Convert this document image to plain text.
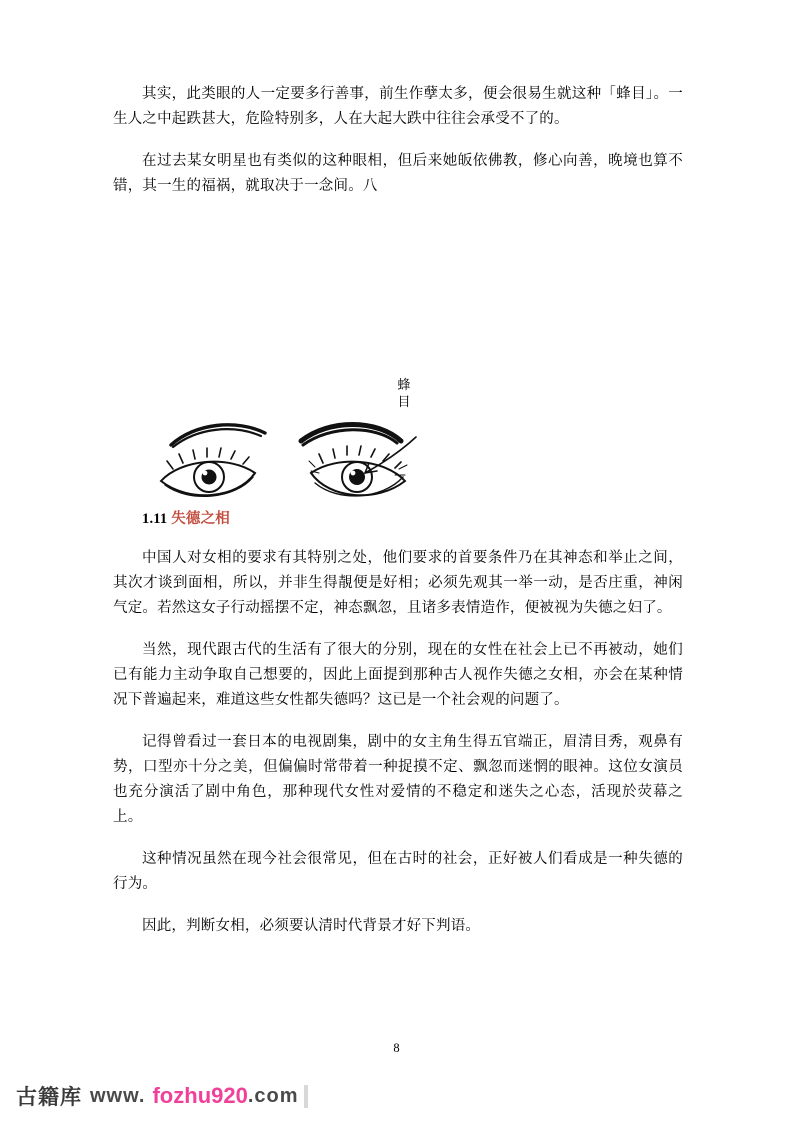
其实，此类眼的人一定要多行善事，前生作孽太多，便会很易生就这种「蜂目」。一生人之中起跌甚大，危险特别多，人在大起大跌中往往会承受不了的。

在过去某女明星也有类似的这种眼相，但后来她皈依佛教，修心向善，晚境也算不错，其一生的福祸，就取决于一念间。八

蜂
目
1.11 失德之相

中国人对女相的要求有其特别之处，他们要求的首要条件乃在其神态和举止之间，其次才谈到面相，所以，并非生得靚便是好相；必须先观其一举一动，是否庄重，神闲气定。若然这女子行动摇摆不定，神态飘忽，且诸多表情造作，便被视为失德之妇了。

当然，现代跟古代的生活有了很大的分别，现在的女性在社会上已不再被动，她们已有能力主动争取自己想要的，因此上面提到那种古人视作失德之女相，亦会在某种情况下普遍起来，难道这些女性都失德吗？这已是一个社会观的问题了。

记得曾看过一套日本的电视剧集，剧中的女主角生得五官端正，眉清目秀，观鼻有势，口型亦十分之美，但偏偏时常带着一种捉摸不定、飘忽而迷惘的眼神。这位女演员也充分演活了剧中角色，那种现代女性对爱情的不稳定和迷失之心态，活现於荧幕之上。

这种情况虽然在现今社会很常见，但在古时的社会，正好被人们看成是一种失德的行为。

因此，判断女相，必须要认清时代背景才好下判语。

8
古籍库 www. fozhu920 .com
